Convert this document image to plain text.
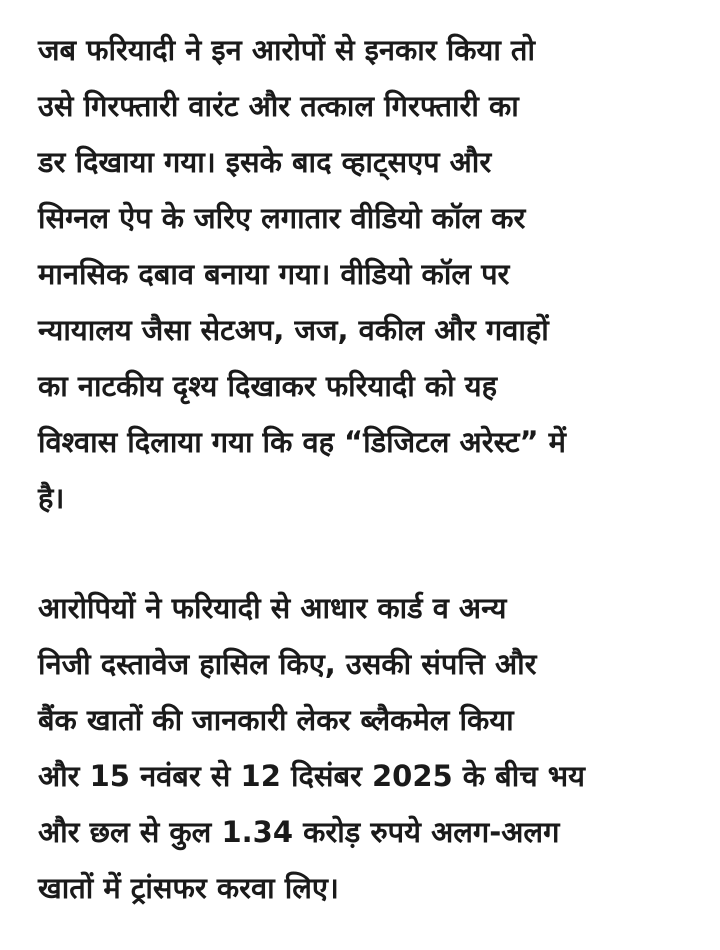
जब फरियादी ने इन आरोपों से इनकार किया तो
उसे गिरफ्तारी वारंट और तत्काल गिरफ्तारी का
डर दिखाया गया। इसके बाद व्हाट्सएप और
सिग्नल ऐप के जरिए लगातार वीडियो कॉल कर
मानसिक दबाव बनाया गया। वीडियो कॉल पर
न्यायालय जैसा सेटअप, जज, वकील और गवाहों
का नाटकीय दृश्य दिखाकर फरियादी को यह
विश्वास दिलाया गया कि वह “डिजिटल अरेस्ट” में
है।

आरोपियों ने फरियादी से आधार कार्ड व अन्य
निजी दस्तावेज हासिल किए, उसकी संपत्ति और
बैंक खातों की जानकारी लेकर ब्लैकमेल किया
और 15 नवंबर से 12 दिसंबर 2025 के बीच भय
और छल से कुल 1.34 करोड़ रुपये अलग-अलग
खातों में ट्रांसफर करवा लिए।
